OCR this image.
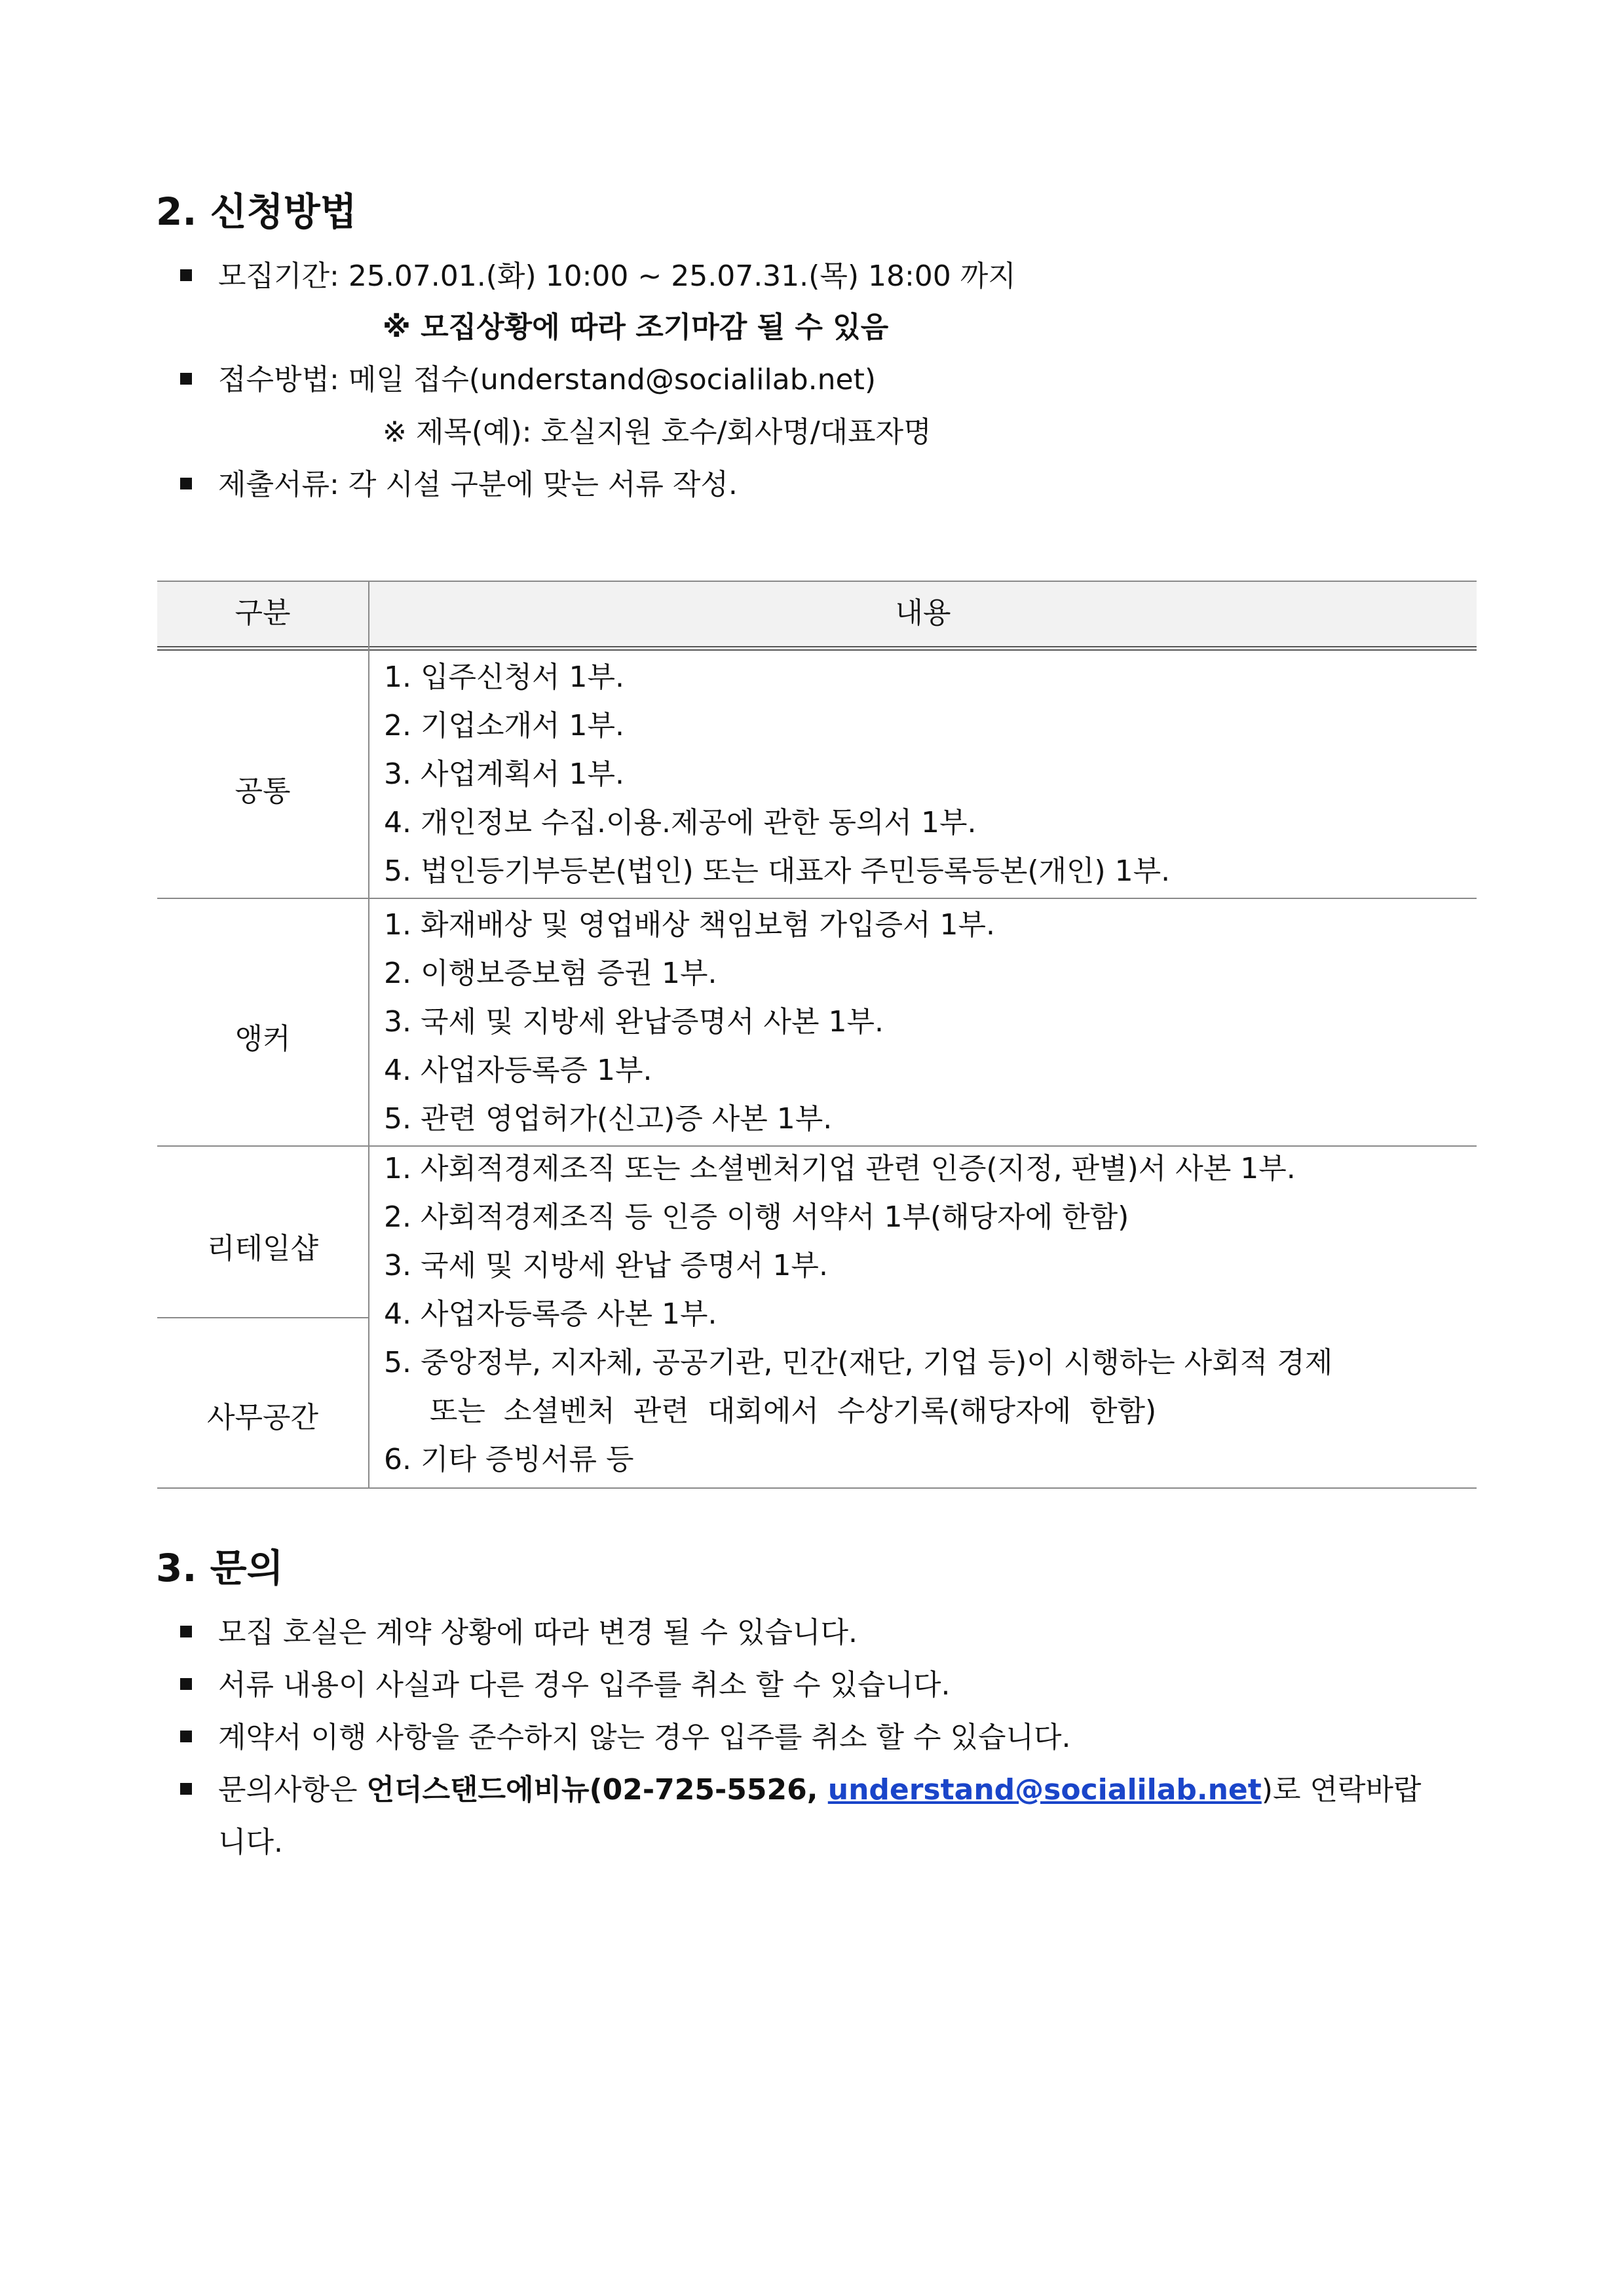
2. 신청방법
모집기간: 25.07.01.(화) 10:00 ~ 25.07.31.(목) 18:00 까지
※ 모집상황에 따라 조기마감 될 수 있음
접수방법: 메일 접수(understand@socialilab.net)
※ 제목(예): 호실지원 호수/회사명/대표자명
제출서류: 각 시설 구분에 맞는 서류 작성.
구분	내용
공통
1. 입주신청서 1부.
2. 기업소개서 1부.
3. 사업계획서 1부.
4. 개인정보 수집.이용.제공에 관한 동의서 1부.
5. 법인등기부등본(법인) 또는 대표자 주민등록등본(개인) 1부.
앵커
1. 화재배상 및 영업배상 책임보험 가입증서 1부.
2. 이행보증보험 증권 1부.
3. 국세 및 지방세 완납증명서 사본 1부.
4. 사업자등록증 1부.
5. 관련 영업허가(신고)증 사본 1부.
리테일샵
사무공간
1. 사회적경제조직 또는 소셜벤처기업 관련 인증(지정, 판별)서 사본 1부.
2. 사회적경제조직 등 인증 이행 서약서 1부(해당자에 한함)
3. 국세 및 지방세 완납 증명서 1부.
4. 사업자등록증 사본 1부.
5. 중앙정부, 지자체, 공공기관, 민간(재단, 기업 등)이 시행하는 사회적 경제
또는  소셜벤처  관련  대회에서  수상기록(해당자에  한함)
6. 기타 증빙서류 등
3. 문의
모집 호실은 계약 상황에 따라 변경 될 수 있습니다.
서류 내용이 사실과 다른 경우 입주를 취소 할 수 있습니다.
계약서 이행 사항을 준수하지 않는 경우 입주를 취소 할 수 있습니다.
문의사항은 언더스탠드에비뉴(02-725-5526, understand@socialilab.net)로 연락바랍
니다.
